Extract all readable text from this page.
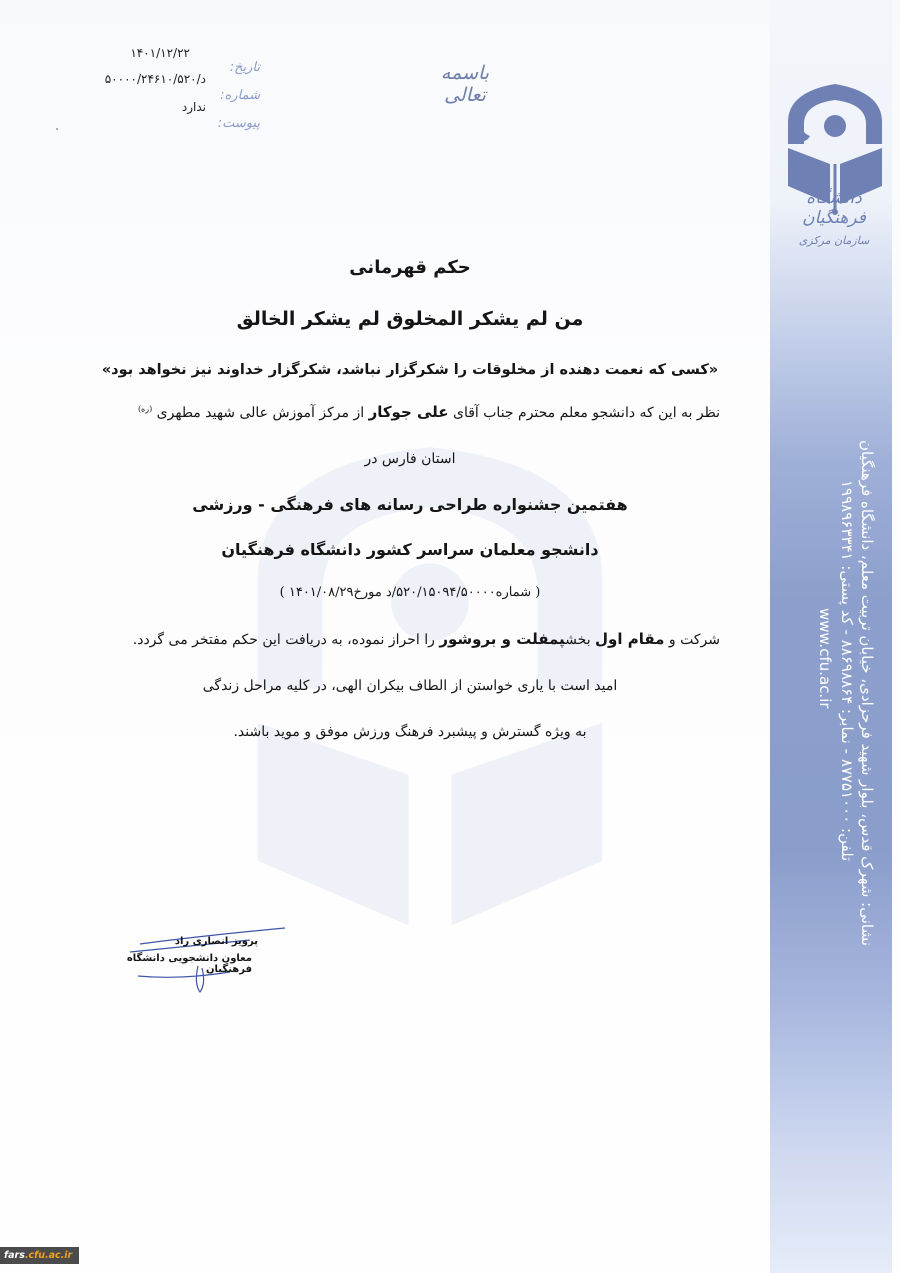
دانشگاه فرهنگیان
سازمان مرکزی
نشانی: شهرک قدس، بلوار شهید فرحزادی، خیابان تربیت معلم، دانشگاه فرهنگیان
تلفن: ۸۷۷۵۱۰۰۰ - نمابر: ۸۸۶۹۸۸۶۴ - کد پستی: ۱۹۹۸۹۶۳۳۴۱
www.cfu.ac.ir
باسمه تعالی
تاریخ:
۱۴۰۱/۱۲/۲۲
شماره:
د/۵۰۰۰۰/۲۴۶۱۰/۵۲۰
پیوست:
ندارد
حکم قهرمانی
من لم يشكر المخلوق لم يشكر الخالق
«کسی که نعمت دهنده از مخلوقات را شکرگزار نباشد، شکرگزار خداوند نیز نخواهد بود»
نظر به این که دانشجو معلم محترم جناب آقای علی جوکار از مرکز آموزش عالی شهید مطهری $^{(ره)}$
استان فارس در
هفتمین جشنواره طراحی رسانه های فرهنگی - ورزشی
دانشجو معلمان سراسر کشور دانشگاه فرهنگیان
( شماره۵۲۰/۱۵۰۹۴/۵۰۰۰۰/د مورخ۱۴۰۱/۰۸/۲۹ )
شرکت و مقام اول بخشپمفلت و بروشور را احراز نموده، به دریافت این حکم مفتخر می گردد.
امید است با یاری خواستن از الطاف بیکران الهی، در کلیه مراحل زندگی
به ویژه گسترش و پیشبرد فرهنگ ورزش موفق و موید باشند.
پرویز انصاری راد
معاون دانشجویی دانشگاه فرهنگیان
fars.cfu.ac.ir
